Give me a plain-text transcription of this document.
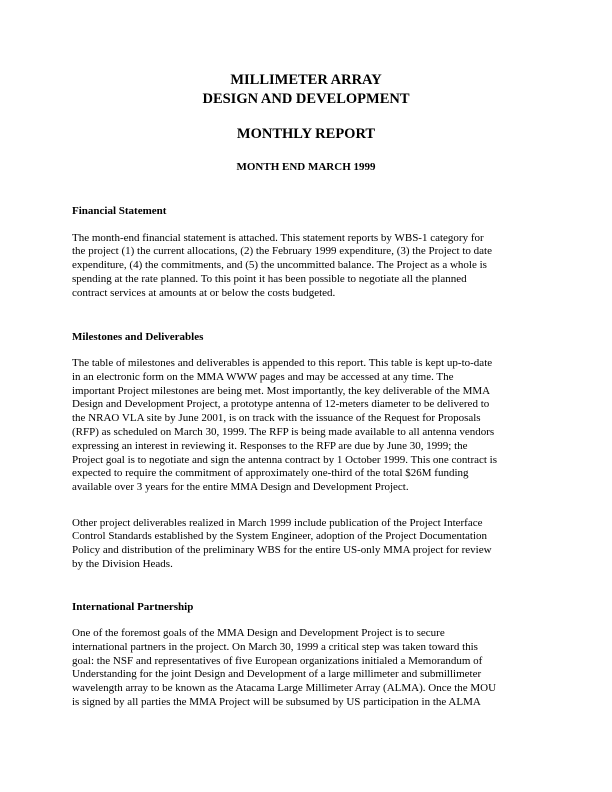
MILLIMETER ARRAY
DESIGN AND DEVELOPMENT
MONTHLY REPORT
MONTH END MARCH 1999
Financial Statement
The month-end financial statement is attached. This statement reports by WBS-1 category for
the project (1) the current allocations, (2) the February 1999 expenditure, (3) the Project to date
expenditure, (4) the commitments, and (5) the uncommitted balance. The Project as a whole is
spending at the rate planned. To this point it has been possible to negotiate all the planned
contract services at amounts at or below the costs budgeted.
Milestones and Deliverables
The table of milestones and deliverables is appended to this report. This table is kept up-to-date
in an electronic form on the MMA WWW pages and may be accessed at any time. The
important Project milestones are being met. Most importantly, the key deliverable of the MMA
Design and Development Project, a prototype antenna of 12-meters diameter to be delivered to
the NRAO VLA site by June 2001, is on track with the issuance of the Request for Proposals
(RFP) as scheduled on March 30, 1999. The RFP is being made available to all antenna vendors
expressing an interest in reviewing it. Responses to the RFP are due by June 30, 1999; the
Project goal is to negotiate and sign the antenna contract by 1 October 1999. This one contract is
expected to require the commitment of approximately one-third of the total $26M funding
available over 3 years for the entire MMA Design and Development Project.
Other project deliverables realized in March 1999 include publication of the Project Interface
Control Standards established by the System Engineer, adoption of the Project Documentation
Policy and distribution of the preliminary WBS for the entire US-only MMA project for review
by the Division Heads.
International Partnership
One of the foremost goals of the MMA Design and Development Project is to secure
international partners in the project. On March 30, 1999 a critical step was taken toward this
goal: the NSF and representatives of five European organizations initialed a Memorandum of
Understanding for the joint Design and Development of a large millimeter and submillimeter
wavelength array to be known as the Atacama Large Millimeter Array (ALMA). Once the MOU
is signed by all parties the MMA Project will be subsumed by US participation in the ALMA
